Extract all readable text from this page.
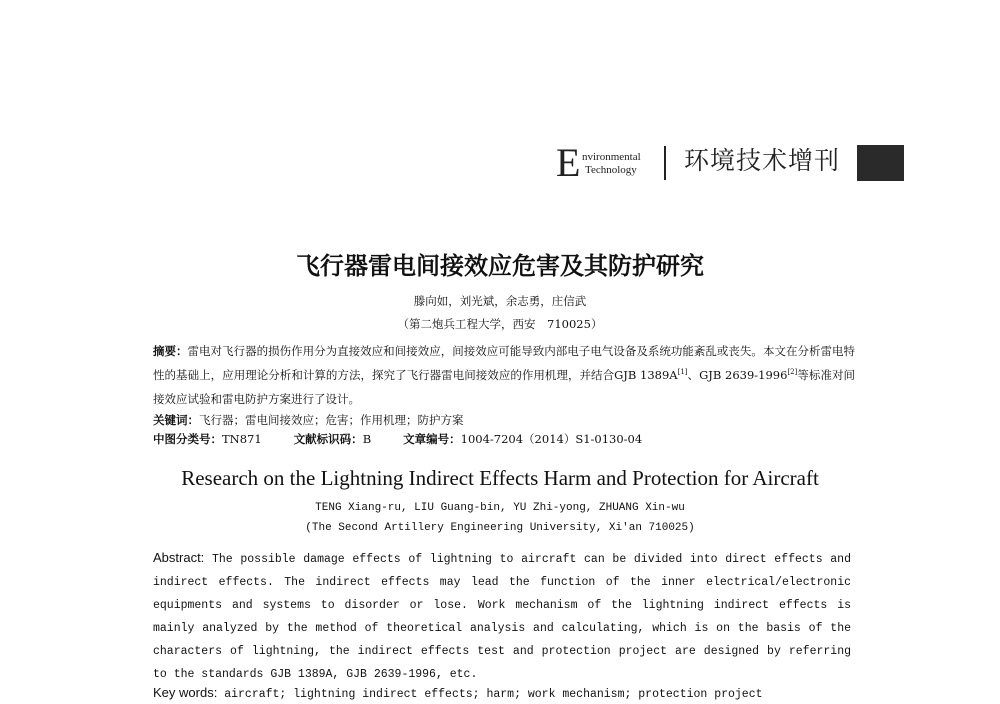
E nvironmental
Technology 环境技术增刊
飞行器雷电间接效应危害及其防护研究
滕向如，刘光斌，余志勇，庄信武
（第二炮兵工程大学，西安　710025）
摘要：雷电对飞行器的损伤作用分为直接效应和间接效应，间接效应可能导致内部电子电气设备及系统功能紊乱或丧失。本文在分析雷电特性的基础上，应用理论分析和计算的方法，探究了飞行器雷电间接效应的作用机理，并结合GJB 1389A[1]、GJB 2639-1996[2]等标准对间接效应试验和雷电防护方案进行了设计。
关键词：飞行器；雷电间接效应；危害；作用机理；防护方案
中图分类号：TN871	文献标识码：B	文章编号：1004-7204（2014）S1-0130-04
Research on the Lightning Indirect Effects Harm and Protection for Aircraft
TENG Xiang-ru, LIU Guang-bin, YU Zhi-yong, ZHUANG Xin-wu
(The Second Artillery Engineering University, Xi'an 710025)
Abstract: The possible damage effects of lightning to aircraft can be divided into direct effects and indirect effects. The indirect effects may lead the function of the inner electrical/electronic equipments and systems to disorder or lose. Work mechanism of the lightning indirect effects is mainly analyzed by the method of theoretical analysis and calculating, which is on the basis of the characters of lightning, the indirect effects test and protection project are designed by referring to the standards GJB 1389A, GJB 2639-1996, etc.
Key words: aircraft; lightning indirect effects; harm; work mechanism; protection project
